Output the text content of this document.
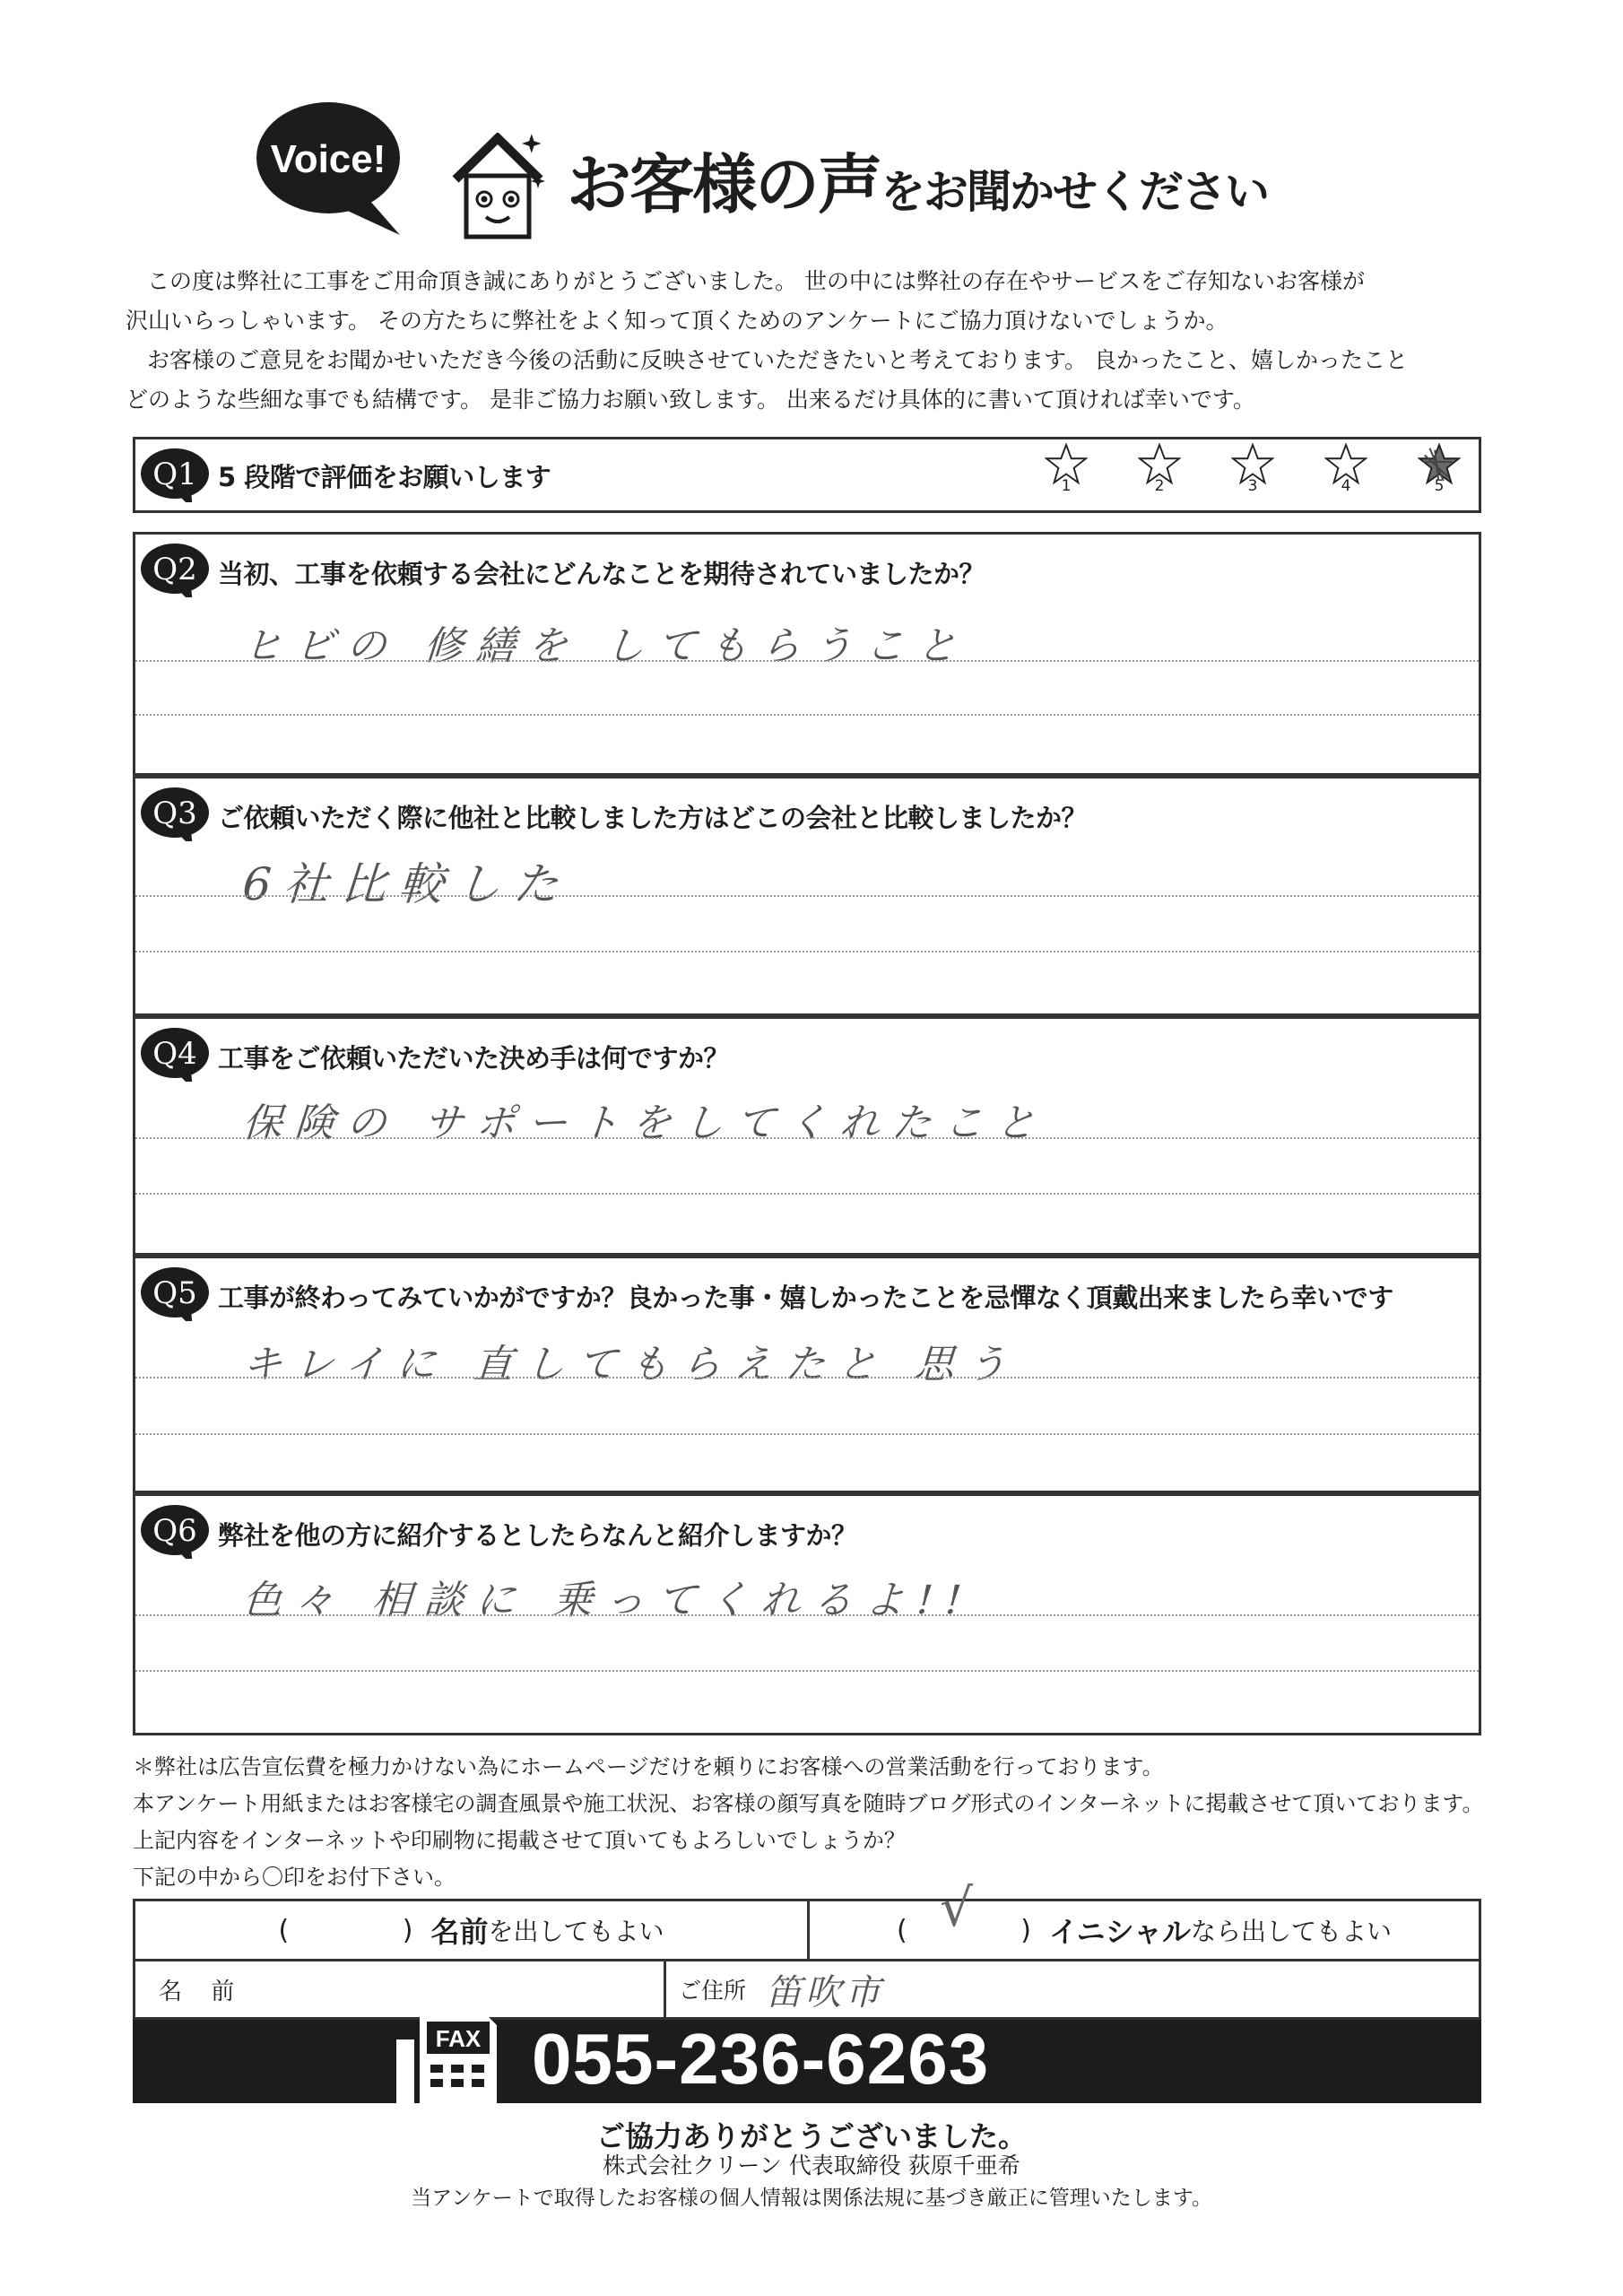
Voice!	お客様の声をお聞かせください

この度は弊社に工事をご用命頂き誠にありがとうございました。 世の中には弊社の存在やサービスをご存知ないお客様が

沢山いらっしゃいます。 その方たちに弊社をよく知って頂くためのアンケートにご協力頂けないでしょうか。

お客様のご意見をお聞かせいただき今後の活動に反映させていただきたいと考えております。 良かったこと、嬉しかったこと

どのような些細な事でも結構です。 是非ご協力お願い致します。 出来るだけ具体的に書いて頂ければ幸いです。

Q1 5 段階で評価をお願いします	1	2	3	4	5
Q2 当初、工事を依頼する会社にどんなことを期待されていましたか？
ヒビの 修繕を してもらうこと
Q3 ご依頼いただく際に他社と比較しました方はどこの会社と比較しましたか？
6社比較した
Q4 工事をご依頼いただいた決め手は何ですか？
保険の サポートをしてくれたこと
Q5 工事が終わってみていかがですか？良かった事・嬉しかったことを忌憚なく頂戴出来ましたら幸いです
キレイに 直してもらえたと 思う
Q6 弊社を他の方に紹介するとしたらなんと紹介しますか？
色々 相談に 乗ってくれるよ!!

＊弊社は広告宣伝費を極力かけない為にホームページだけを頼りにお客様への営業活動を行っております。

本アンケート用紙またはお客様宅の調査風景や施工状況、お客様の顔写真を随時ブログ形式のインターネットに掲載させて頂いております。

上記内容をインターネットや印刷物に掲載させて頂いてもよろしいでしょうか？

下記の中から〇印をお付下さい。

(	) 名前 を出してもよい	( √ ) イニシャル なら出してもよい
名 前	ご住所 笛吹市
FAX 055-236-6263
ご協力ありがとうございました。
株式会社クリーン 代表取締役 荻原千亜希
当アンケートで取得したお客様の個人情報は関係法規に基づき厳正に管理いたします。
